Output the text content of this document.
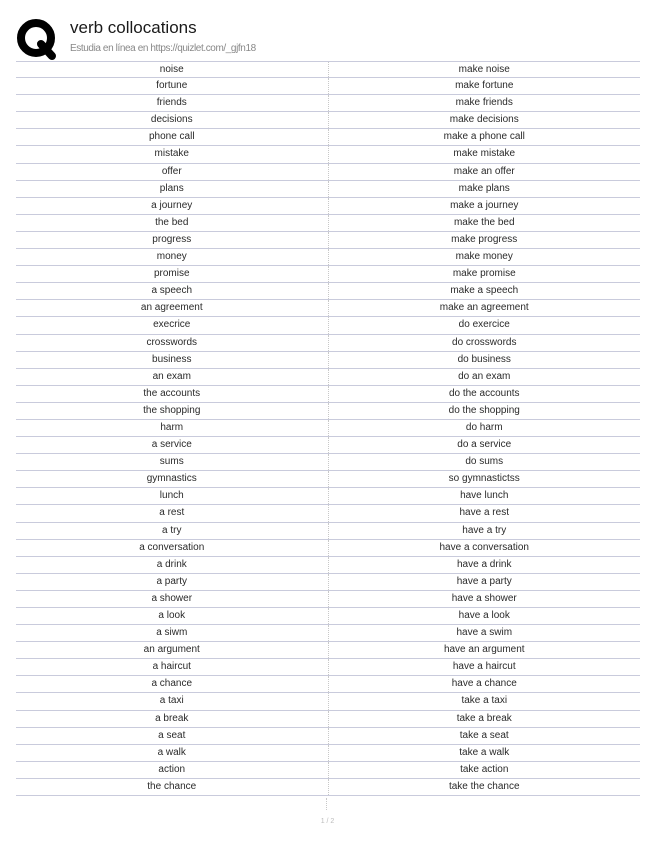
verb collocations
Estudia en línea en https://quizlet.com/_gjfn18
noise	make noise
fortune	make fortune
friends	make friends
decisions	make decisions
phone call	make a phone call
mistake	make mistake
offer	make an offer
plans	make plans
a journey	make a journey
the bed	make the bed
progress	make progress
money	make money
promise	make promise
a speech	make a speech
an agreement	make an agreement
execrice	do exercice
crosswords	do crosswords
business	do business
an exam	do an exam
the accounts	do the accounts
the shopping	do the shopping
harm	do harm
a service	do a service
sums	do sums
gymnastics	so gymnastictss
lunch	have lunch
a rest	have a rest
a try	have a try
a conversation	have a conversation
a drink	have a drink
a party	have a party
a shower	have a shower
a look	have a look
a siwm	have a swim
an argument	have an argument
a haircut	have a haircut
a chance	have a chance
a taxi	take a taxi
a break	take a break
a seat	take a seat
a walk	take a walk
action	take action
the chance	take the chance
1 / 2
